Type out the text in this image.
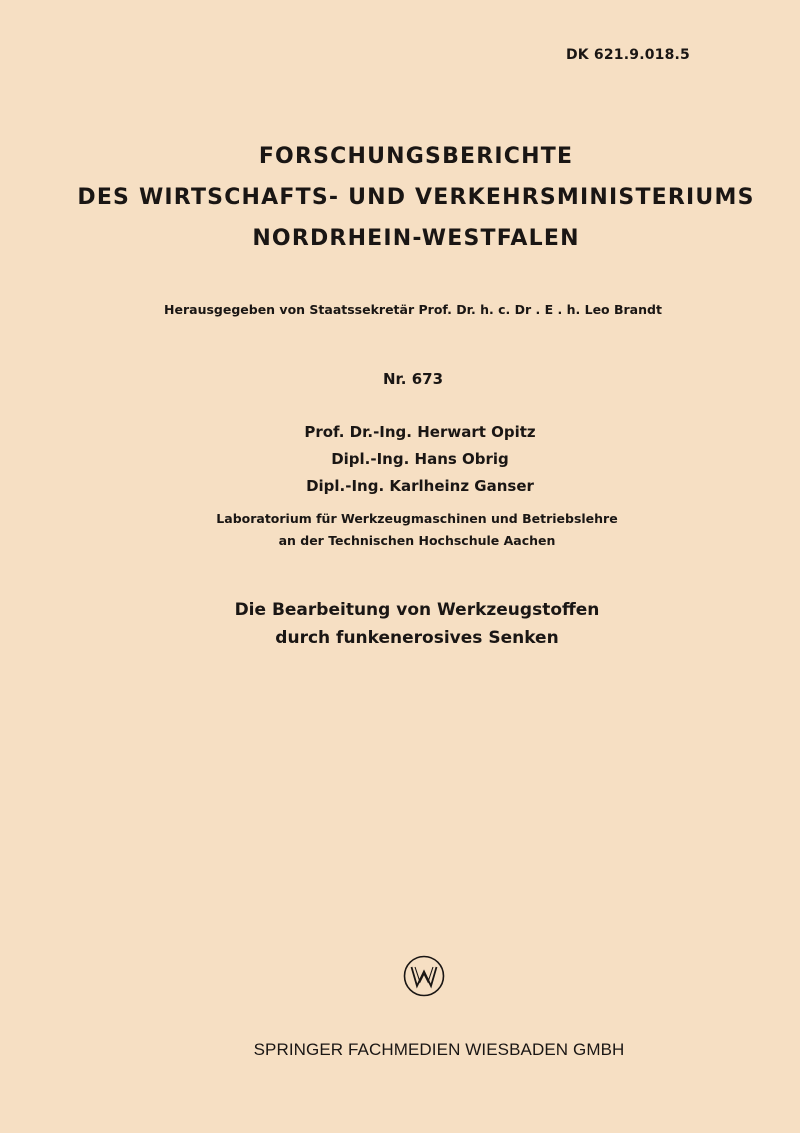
DK 621.9.018.5
FORSCHUNGSBERICHTE
DES WIRTSCHAFTS- UND VERKEHRSMINISTERIUMS
NORDRHEIN-WESTFALEN
Herausgegeben von Staatssekretär Prof. Dr. h. c. Dr . E . h. Leo Brandt
Nr. 673
Prof. Dr.-Ing. Herwart Opitz
Dipl.-Ing. Hans Obrig
Dipl.-Ing. Karlheinz Ganser
Laboratorium für Werkzeugmaschinen und Betriebslehre
an der Technischen Hochschule Aachen
Die Bearbeitung von Werkzeugstoffen
durch funkenerosives Senken
SPRINGER FACHMEDIEN WIESBADEN GMBH
